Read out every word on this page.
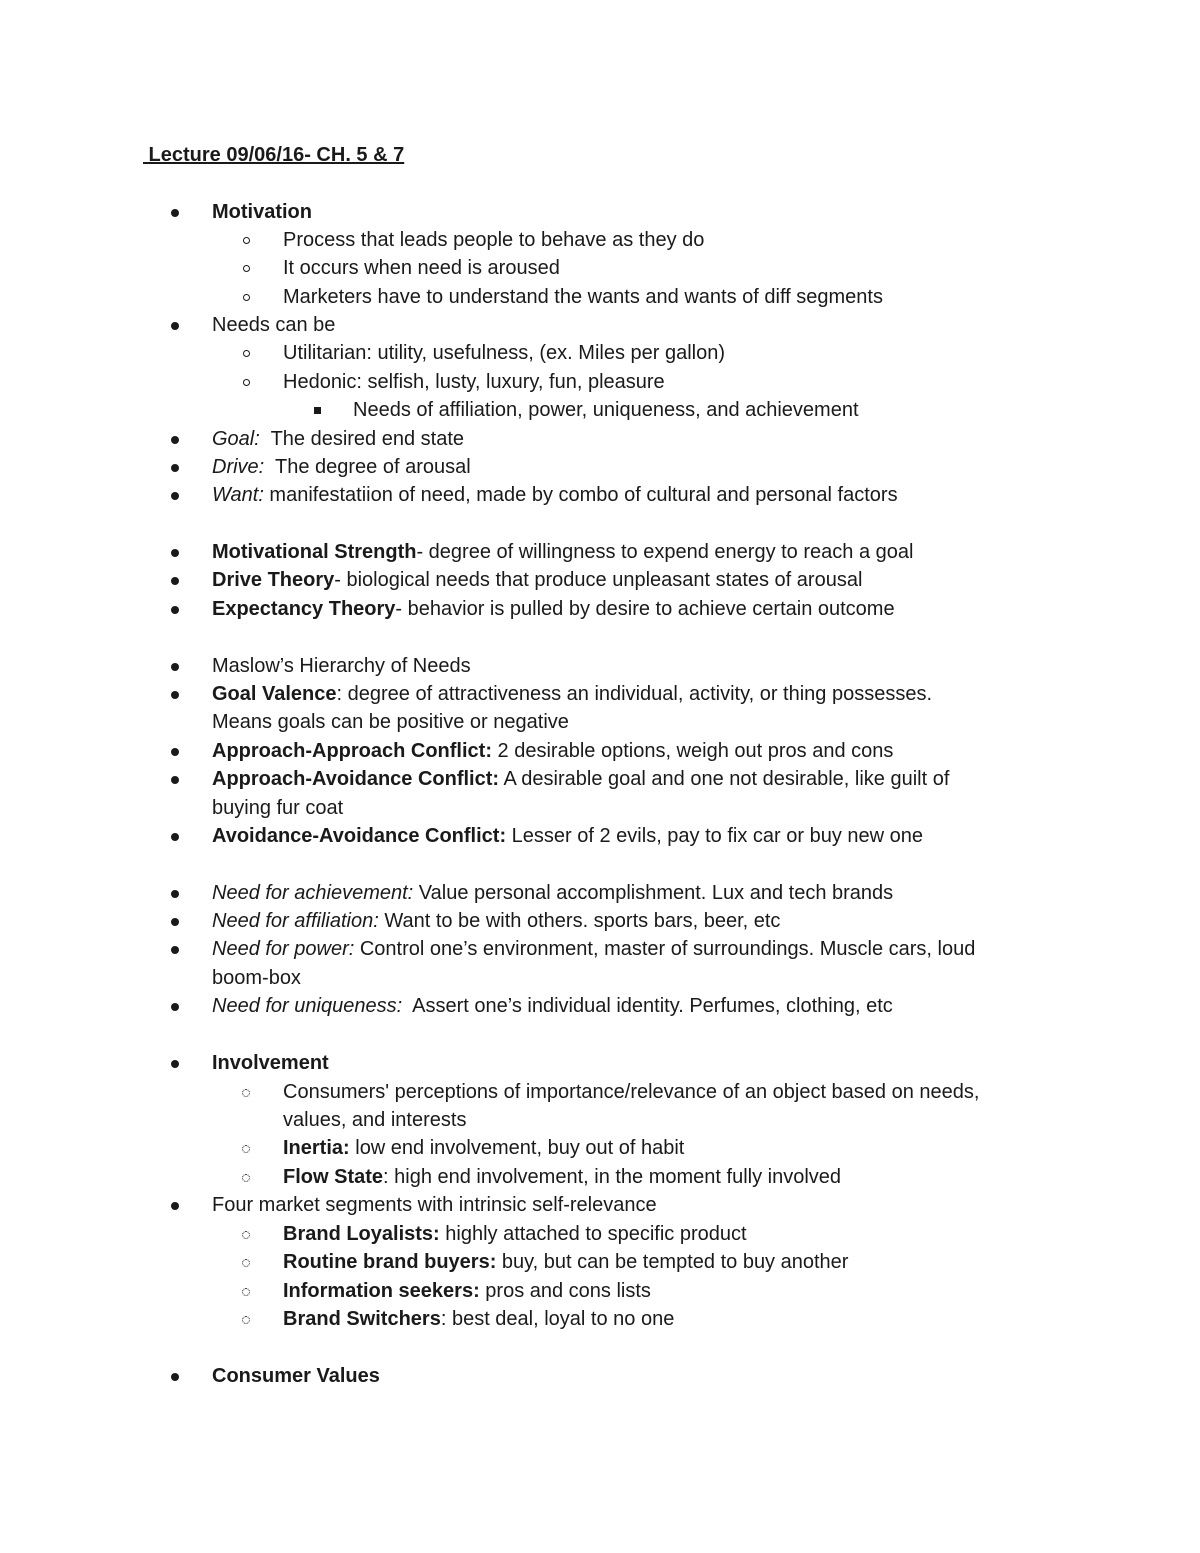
Lecture 09/06/16- CH. 5 & 7
Motivation
Process that leads people to behave as they do
It occurs when need is aroused
Marketers have to understand the wants and wants of diff segments
Needs can be
Utilitarian: utility, usefulness, (ex. Miles per gallon)
Hedonic: selfish, lusty, luxury, fun, pleasure
Needs of affiliation, power, uniqueness, and achievement
Goal:  The desired end state
Drive:  The degree of arousal
Want: manifestatiion of need, made by combo of cultural and personal factors
Motivational Strength- degree of willingness to expend energy to reach a goal
Drive Theory- biological needs that produce unpleasant states of arousal
Expectancy Theory- behavior is pulled by desire to achieve certain outcome
Maslow’s Hierarchy of Needs
Goal Valence: degree of attractiveness an individual, activity, or thing possesses.
Means goals can be positive or negative
Approach-Approach Conflict: 2 desirable options, weigh out pros and cons
Approach-Avoidance Conflict: A desirable goal and one not desirable, like guilt of
buying fur coat
Avoidance-Avoidance Conflict: Lesser of 2 evils, pay to fix car or buy new one
Need for achievement: Value personal accomplishment. Lux and tech brands
Need for affiliation: Want to be with others. sports bars, beer, etc
Need for power: Control one’s environment, master of surroundings. Muscle cars, loud
boom-box
Need for uniqueness:  Assert one’s individual identity. Perfumes, clothing, etc
Involvement
Consumers' perceptions of importance/relevance of an object based on needs,
values, and interests
Inertia: low end involvement, buy out of habit
Flow State: high end involvement, in the moment fully involved
Four market segments with intrinsic self-relevance
Brand Loyalists: highly attached to specific product
Routine brand buyers: buy, but can be tempted to buy another
Information seekers: pros and cons lists
Brand Switchers: best deal, loyal to no one
Consumer Values
